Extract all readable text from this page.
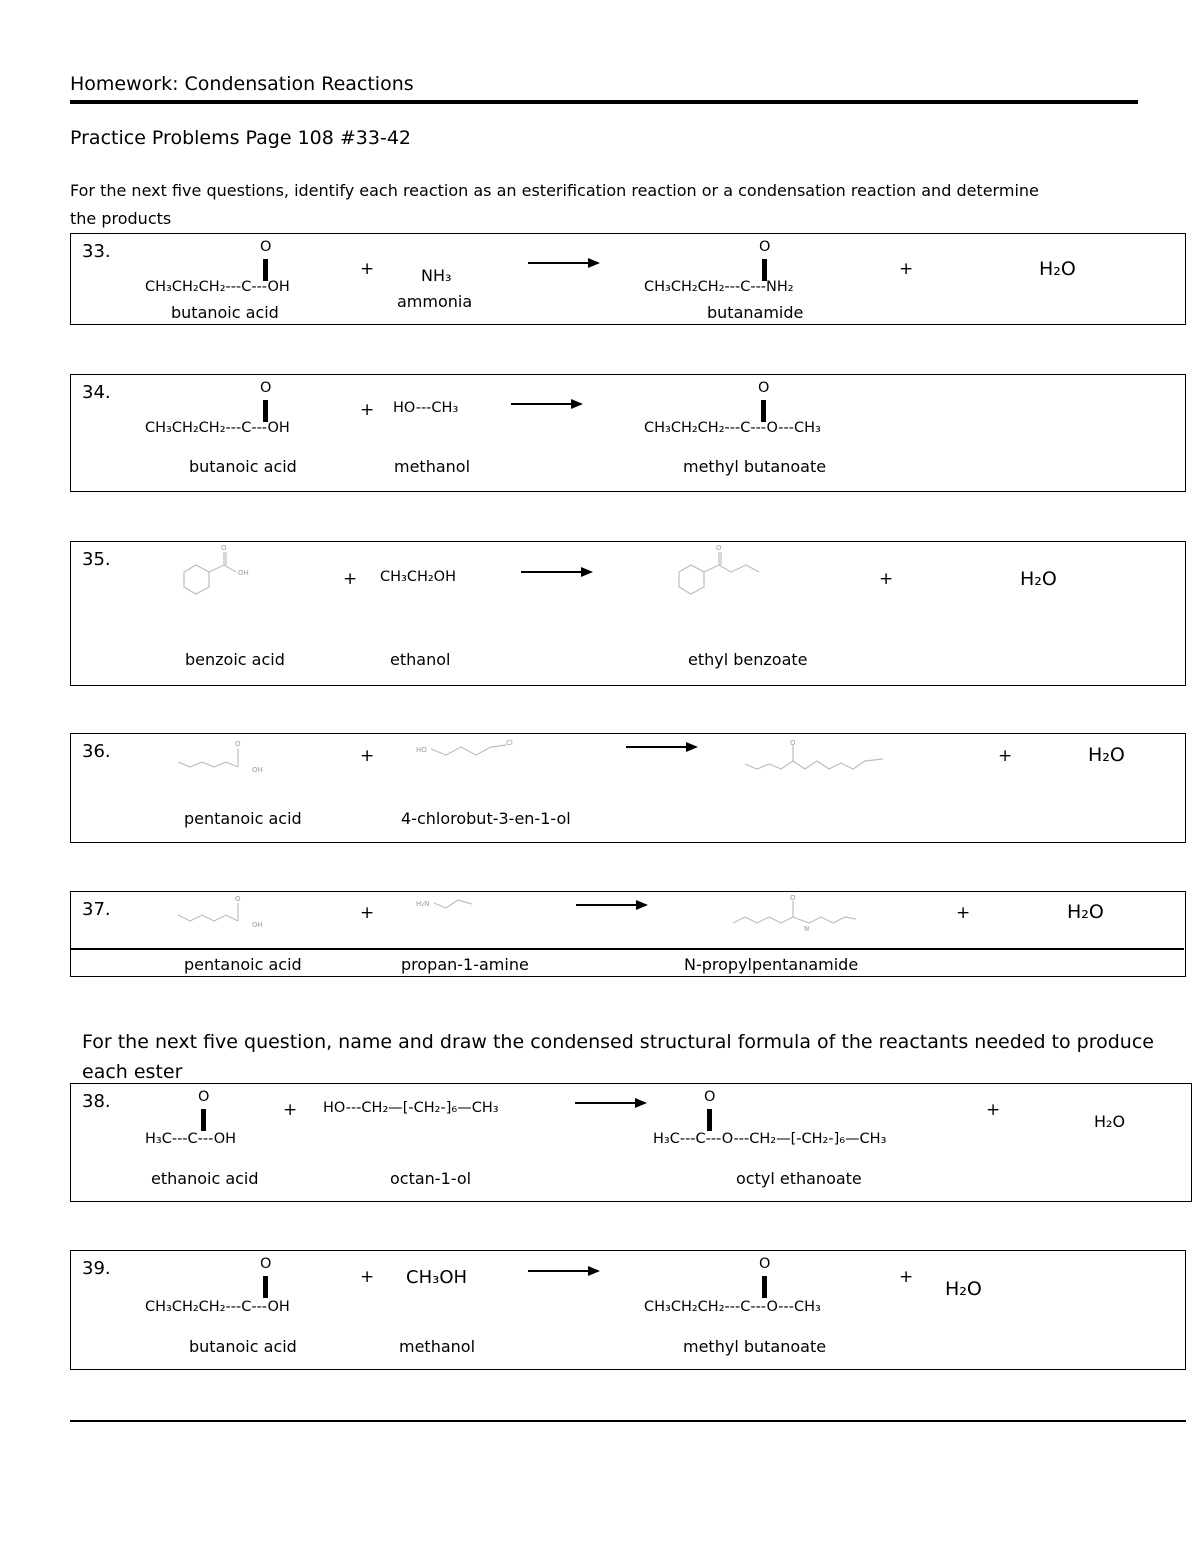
Homework: Condensation Reactions
Practice Problems Page 108 #33-42
For the next five questions, identify each reaction as an esterification reaction or a condensation reaction and determine
the products
33.	O
CH₃CH₂CH₂---C---OH
butanoic acid
+	NH₃
ammonia
O
CH₃CH₂CH₂---C---NH₂
butanamide
+	H₂O
34.	O
CH₃CH₂CH₂---C---OH
butanoic acid
+ HO---CH₃
methanol
O
CH₃CH₂CH₂---C---O---CH₃
methyl butanoate
35.
O
OH	+ CH₃CH₂OH
O
+	H₂O
benzoic acid	ethanol	ethyl benzoate
36.	O
OH
+	HO
Cl	O
+	H₂O
pentanoic acid	4-chlorobut-3-en-1-ol
37.	O
OH
+	H₂N
O
N
+	H₂O
pentanoic acid	propan-1-amine	N-propylpentanamide
For the next five question, name and draw the condensed structural formula of the reactants needed to produce
each ester
38.	O
H₃C---C---OH
ethanoic acid
+ HO---CH₂—[-CH₂-]₆—CH₃
octan-1-ol
O
H₃C---C---O---CH₂—[-CH₂-]₆—CH₃
octyl ethanoate
+
H₂O
39.	O
CH₃CH₂CH₂---C---OH
butanoic acid
+ CH₃OH
methanol
O
CH₃CH₂CH₂---C---O---CH₃
methyl butanoate
+
H₂O
